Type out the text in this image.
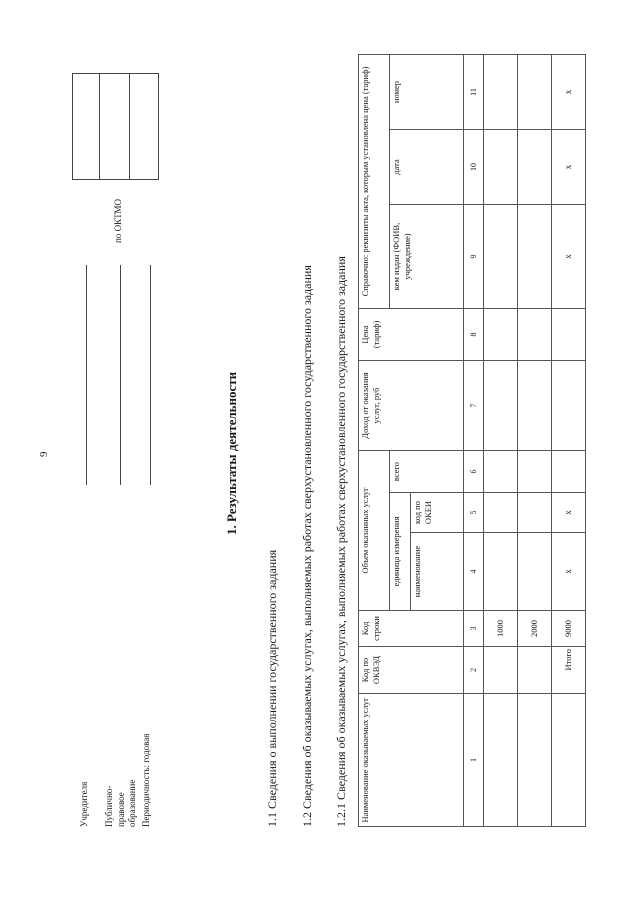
9
Учредителя Публично-правовое образование Периодичность: годовая
по ОКТМО
1. Результаты деятельности
1.1 Сведения о выполнении государственного задания 1.2 Сведения об оказываемых услугах, выполняемых работах сверхустановленного государственного задания 1.2.1 Сведения об оказываемых услугах, выполняемых работах сверхустановленного государственного задания Наименование оказываемых услуг	Код по ОКВЭД	Код строки	Объем оказанных услуг			Доход от оказания услуг, руб	Цена (тариф)	Справочно: реквизиты акта, которым установлена цена (тариф)		
			единица измерения		всего			кем издан (ФОИВ, учреждение)	дата	номер
			наименование	код по ОКЕИ						
1	2	3	4	5	6	7	8	9	10	11
		1000								
		2000								
	Итого	9000	x	x				x	x	x
